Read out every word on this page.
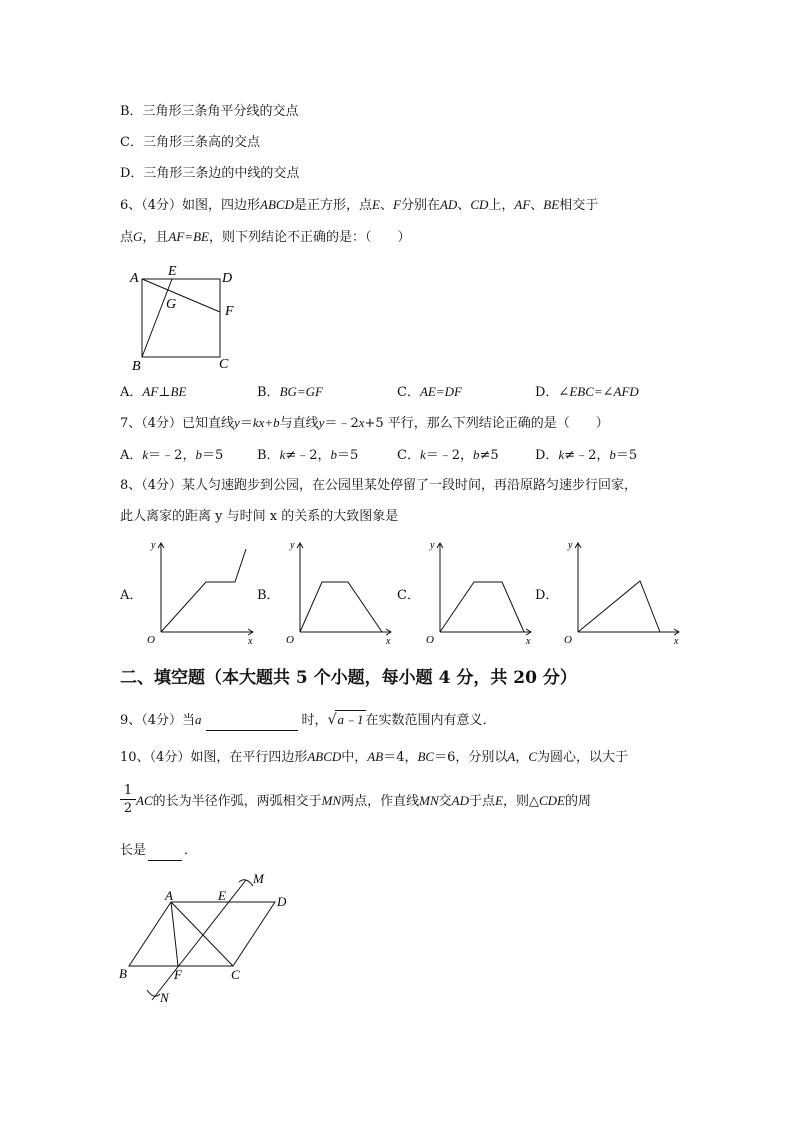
B．三角形三条角平分线的交点
C．三角形三条高的交点
D．三角形三条边的中线的交点
6、（4分）如图，四边形ABCD是正方形，点E、F分别在AD、CD上，AF、BE相交于
点G，且AF=BE，则下列结论不正确的是：（　　）
A E	D
G	F
B	C
A．AF⊥BE	B．BG=GF	C．AE=DF	D．∠EBC=∠AFD
7、（4分）已知直线y＝kx+b与直线y＝﹣2x+5 平行，那么下列结论正确的是（　　）
A．k＝﹣2，b＝5	B．k≠﹣2，b＝5	C．k＝﹣2，b≠5	D．k≠﹣2，b＝5
8、（4分）某人匀速跑步到公园，在公园里某处停留了一段时间，再沿原路匀速步行回家，
此人离家的距离 y 与时间 x 的关系的大致图象是
A．	B．	C．	D．
y
x
O
y
x
O
y
x
O
y
x
O
二、填空题（本大题共 5 个小题，每小题 4 分，共 20 分）
9、（4分）当a	时，√a﹣1 在实数范围内有意义．
10、（4分）如图，在平行四边形ABCD中，AB＝4，BC＝6，分别以A，C为圆心，以大于
1
2
AC的长为半径作弧，两弧相交于MN两点，作直线MN交AD于点E，则△CDE的周
长是	．
M
A	E	D
B	F	C
N
